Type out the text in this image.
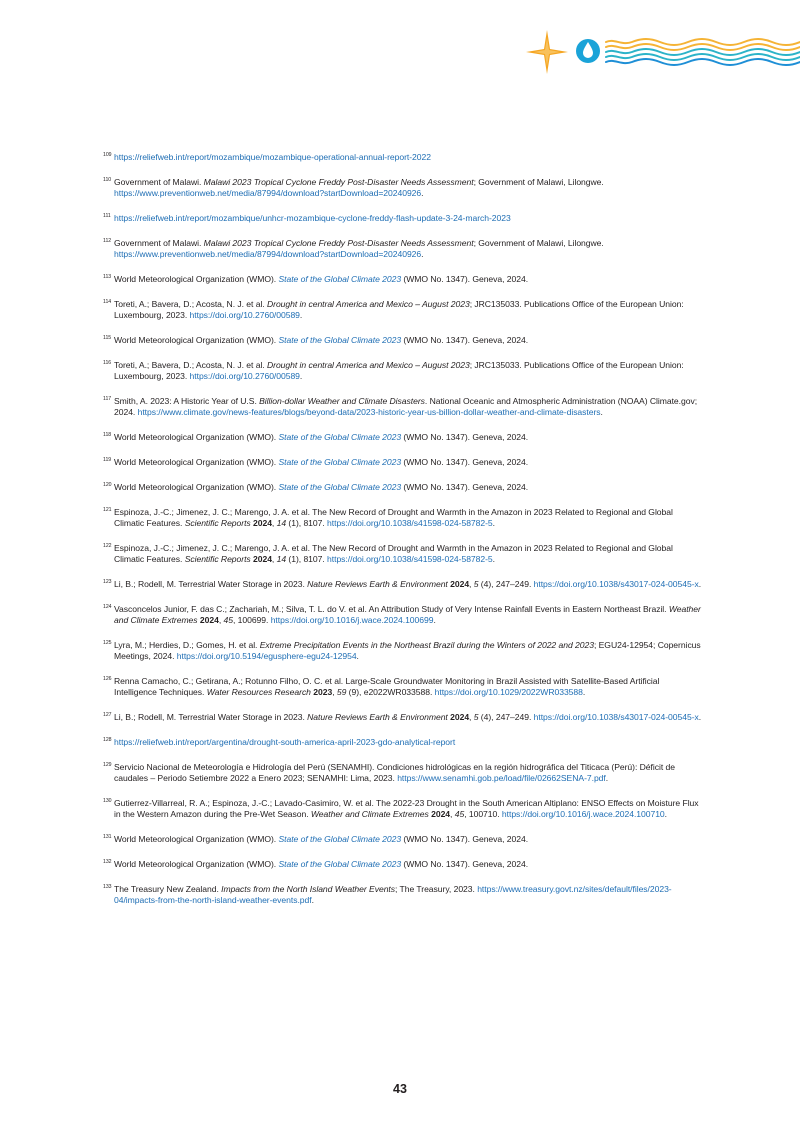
109 https://reliefweb.int/report/mozambique/mozambique-operational-annual-report-2022
110 Government of Malawi. Malawi 2023 Tropical Cyclone Freddy Post-Disaster Needs Assessment; Government of Malawi, Lilongwe. https://www.preventionweb.net/media/87994/download?startDownload=20240926.
111 https://reliefweb.int/report/mozambique/unhcr-mozambique-cyclone-freddy-flash-update-3-24-march-2023
112 Government of Malawi. Malawi 2023 Tropical Cyclone Freddy Post-Disaster Needs Assessment; Government of Malawi, Lilongwe. https://www.preventionweb.net/media/87994/download?startDownload=20240926.
113 World Meteorological Organization (WMO). State of the Global Climate 2023 (WMO No. 1347). Geneva, 2024.
114 Toreti, A.; Bavera, D.; Acosta, N. J. et al. Drought in central America and Mexico – August 2023; JRC135033. Publications Office of the European Union: Luxembourg, 2023. https://doi.org/10.2760/00589.
115 World Meteorological Organization (WMO). State of the Global Climate 2023 (WMO No. 1347). Geneva, 2024.
116 Toreti, A.; Bavera, D.; Acosta, N. J. et al. Drought in central America and Mexico – August 2023; JRC135033. Publications Office of the European Union: Luxembourg, 2023. https://doi.org/10.2760/00589.
117 Smith, A. 2023: A Historic Year of U.S. Billion-dollar Weather and Climate Disasters. National Oceanic and Atmospheric Administration (NOAA) Climate.gov; 2024. https://www.climate.gov/news-features/blogs/beyond-data/2023-historic-year-us-billion-dollar-weather-and-climate-disasters.
118 World Meteorological Organization (WMO). State of the Global Climate 2023 (WMO No. 1347). Geneva, 2024.
119 World Meteorological Organization (WMO). State of the Global Climate 2023 (WMO No. 1347). Geneva, 2024.
120 World Meteorological Organization (WMO). State of the Global Climate 2023 (WMO No. 1347). Geneva, 2024.
121 Espinoza, J.-C.; Jimenez, J. C.; Marengo, J. A. et al. The New Record of Drought and Warmth in the Amazon in 2023 Related to Regional and Global Climatic Features. Scientific Reports 2024, 14 (1), 8107. https://doi.org/10.1038/s41598-024-58782-5.
122 Espinoza, J.-C.; Jimenez, J. C.; Marengo, J. A. et al. The New Record of Drought and Warmth in the Amazon in 2023 Related to Regional and Global Climatic Features. Scientific Reports 2024, 14 (1), 8107. https://doi.org/10.1038/s41598-024-58782-5.
123 Li, B.; Rodell, M. Terrestrial Water Storage in 2023. Nature Reviews Earth & Environment 2024, 5 (4), 247–249. https://doi.org/10.1038/s43017-024-00545-x.
124 Vasconcelos Junior, F. das C.; Zachariah, M.; Silva, T. L. do V. et al. An Attribution Study of Very Intense Rainfall Events in Eastern Northeast Brazil. Weather and Climate Extremes 2024, 45, 100699. https://doi.org/10.1016/j.wace.2024.100699.
125 Lyra, M.; Herdies, D.; Gomes, H. et al. Extreme Precipitation Events in the Northeast Brazil during the Winters of 2022 and 2023; EGU24-12954; Copernicus Meetings, 2024. https://doi.org/10.5194/egusphere-egu24-12954.
126 Renna Camacho, C.; Getirana, A.; Rotunno Filho, O. C. et al. Large-Scale Groundwater Monitoring in Brazil Assisted with Satellite-Based Artificial Intelligence Techniques. Water Resources Research 2023, 59 (9), e2022WR033588. https://doi.org/10.1029/2022WR033588.
127 Li, B.; Rodell, M. Terrestrial Water Storage in 2023. Nature Reviews Earth & Environment 2024, 5 (4), 247–249. https://doi.org/10.1038/s43017-024-00545-x.
128 https://reliefweb.int/report/argentina/drought-south-america-april-2023-gdo-analytical-report
129 Servicio Nacional de Meteorología e Hidrología del Perú (SENAMHI). Condiciones hidrológicas en la región hidrográfica del Titicaca (Perú): Déficit de caudales – Periodo Setiembre 2022 a Enero 2023; SENAMHI: Lima, 2023. https://www.senamhi.gob.pe/load/file/02662SENA-7.pdf.
130 Gutierrez-Villarreal, R. A.; Espinoza, J.-C.; Lavado-Casimiro, W. et al. The 2022-23 Drought in the South American Altiplano: ENSO Effects on Moisture Flux in the Western Amazon during the Pre-Wet Season. Weather and Climate Extremes 2024, 45, 100710. https://doi.org/10.1016/j.wace.2024.100710.
131 World Meteorological Organization (WMO). State of the Global Climate 2023 (WMO No. 1347). Geneva, 2024.
132 World Meteorological Organization (WMO). State of the Global Climate 2023 (WMO No. 1347). Geneva, 2024.
133 The Treasury New Zealand. Impacts from the North Island Weather Events; The Treasury, 2023. https://www.treasury.govt.nz/sites/default/files/2023-04/impacts-from-the-north-island-weather-events.pdf.
43
